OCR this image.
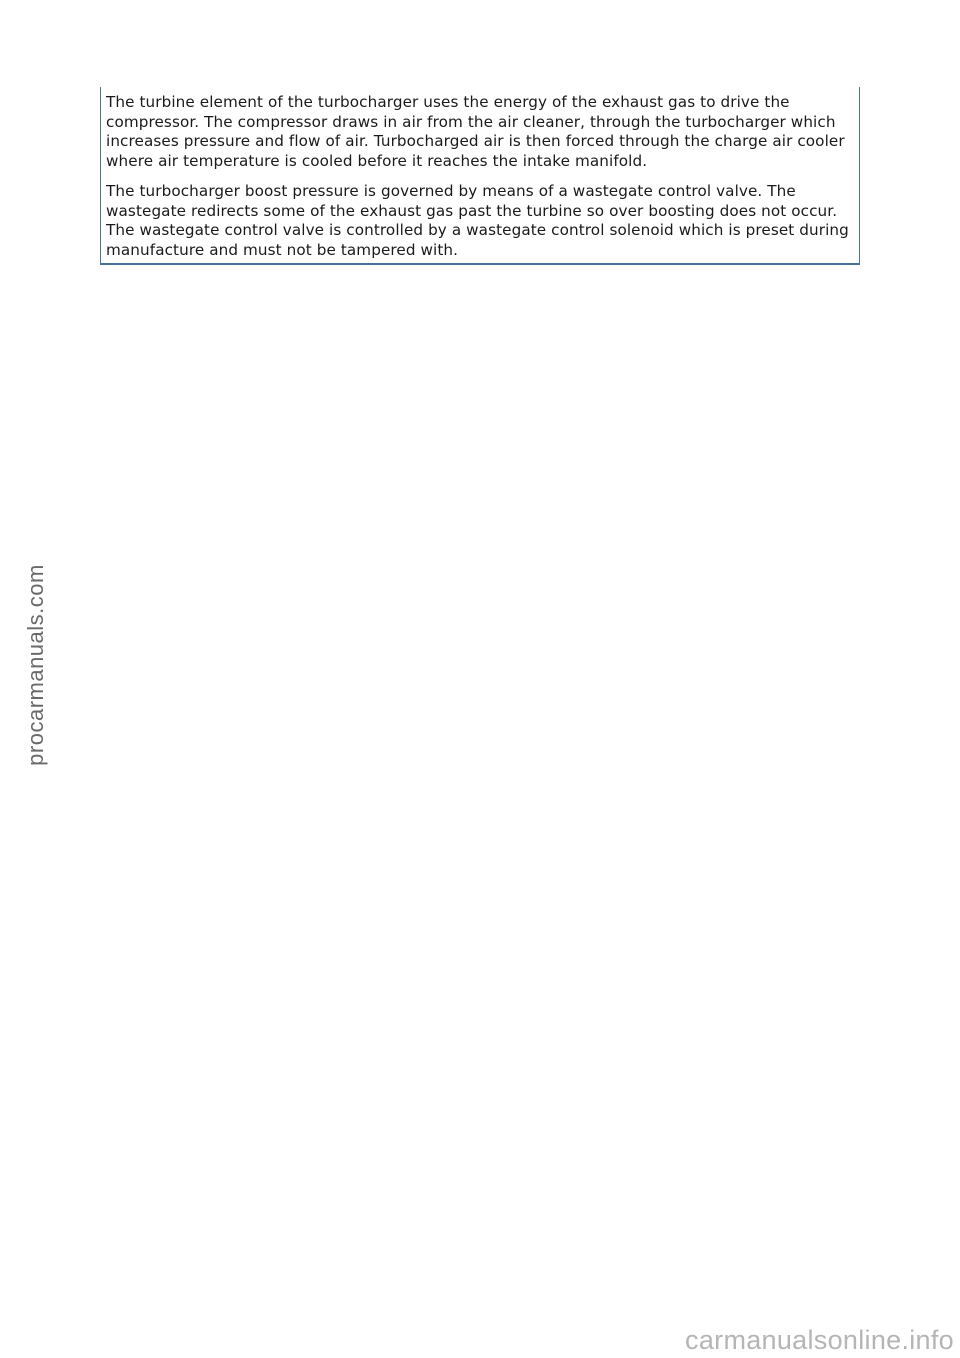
The turbine element of the turbocharger uses the energy of the exhaust gas to drive the compressor. The compressor draws in air from the air cleaner, through the turbocharger which increases pressure and flow of air. Turbocharged air is then forced through the charge air cooler where air temperature is cooled before it reaches the intake manifold.

The turbocharger boost pressure is governed by means of a wastegate control valve. The wastegate redirects some of the exhaust gas past the turbine so over boosting does not occur. The wastegate control valve is controlled by a wastegate control solenoid which is preset during manufacture and must not be tampered with.

procarmanuals.com
carmanualsonline.info
